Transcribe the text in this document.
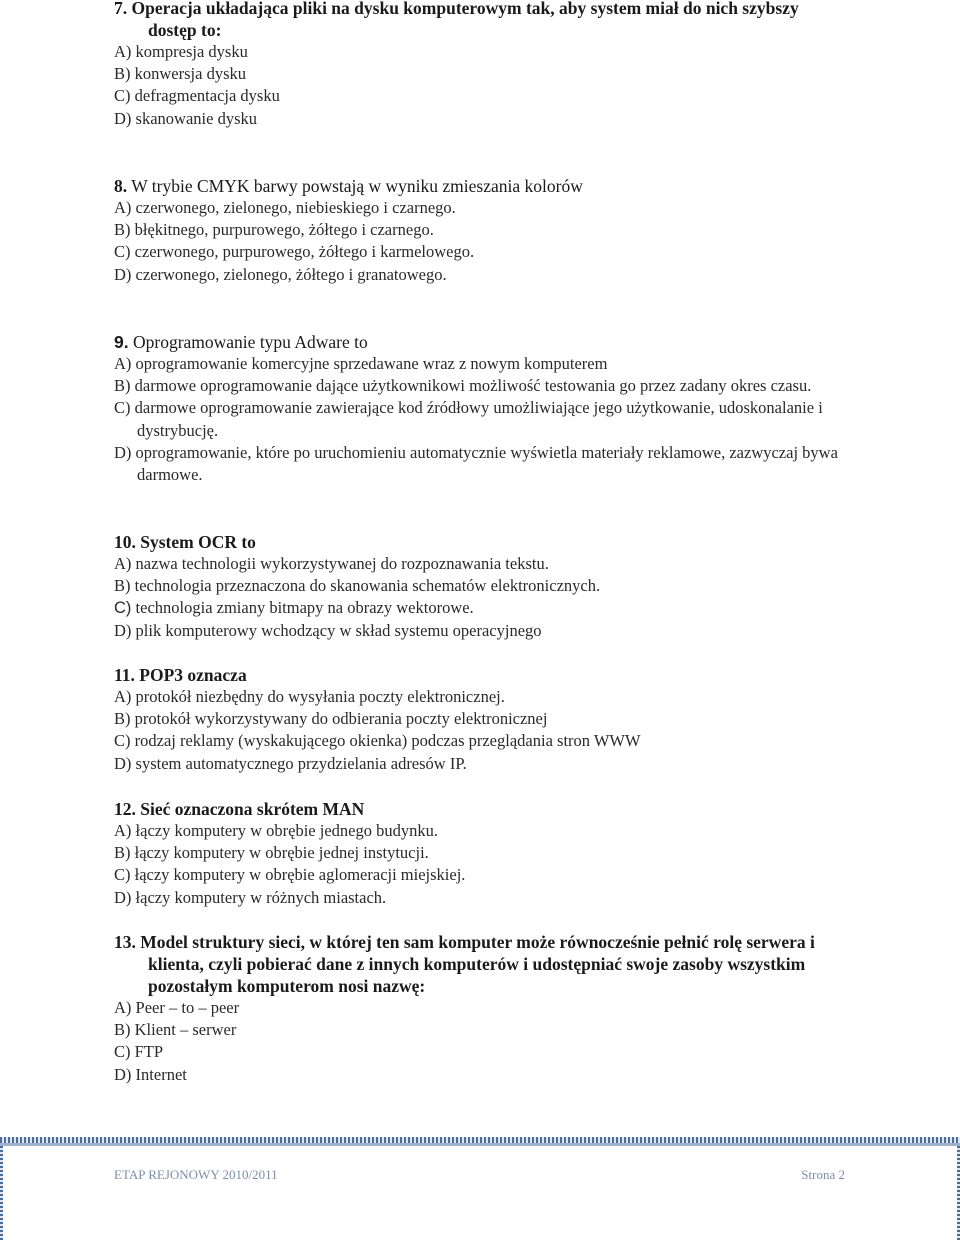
7. Operacja układająca pliki na dysku komputerowym tak, aby system miał do nich szybszy dostęp to:
A) kompresja dysku
B) konwersja dysku
C) defragmentacja dysku
D) skanowanie dysku
8. W trybie CMYK barwy powstają w wyniku zmieszania kolorów
A) czerwonego, zielonego, niebieskiego i czarnego.
B) błękitnego, purpurowego, żółtego i czarnego.
C) czerwonego, purpurowego, żółtego i karmelowego.
D) czerwonego, zielonego, żółtego i granatowego.
9. Oprogramowanie typu Adware to
A) oprogramowanie komercyjne sprzedawane wraz z nowym komputerem
B) darmowe oprogramowanie dające użytkownikowi możliwość testowania go przez zadany okres czasu.
C) darmowe oprogramowanie zawierające kod źródłowy umożliwiające jego użytkowanie, udoskonalanie i dystrybucję.
D) oprogramowanie, które po uruchomieniu automatycznie wyświetla materiały reklamowe, zazwyczaj bywa darmowe.
10. System OCR to
A) nazwa technologii wykorzystywanej do rozpoznawania tekstu.
B) technologia przeznaczona do skanowania schematów elektronicznych.
C) technologia zmiany bitmapy na obrazy wektorowe.
D) plik komputerowy wchodzący w skład systemu operacyjnego
11. POP3 oznacza
A) protokół niezbędny do wysyłania poczty elektronicznej.
B) protokół wykorzystywany do odbierania poczty elektronicznej
C) rodzaj reklamy (wyskakującego okienka) podczas przeglądania stron WWW
D) system automatycznego przydzielania adresów IP.
12. Sieć oznaczona skrótem MAN
A) łączy komputery w obrębie jednego budynku.
B) łączy komputery w obrębie jednej instytucji.
C) łączy komputery w obrębie aglomeracji miejskiej.
D) łączy komputery w różnych miastach.
13. Model struktury sieci, w której ten sam komputer może równocześnie pełnić rolę serwera i klienta, czyli pobierać dane z innych komputerów i udostępniać swoje zasoby wszystkim pozostałym komputerom nosi nazwę:
A) Peer – to – peer
B) Klient – serwer
C) FTP
D) Internet
ETAP REJONOWY 2010/2011	Strona 2
